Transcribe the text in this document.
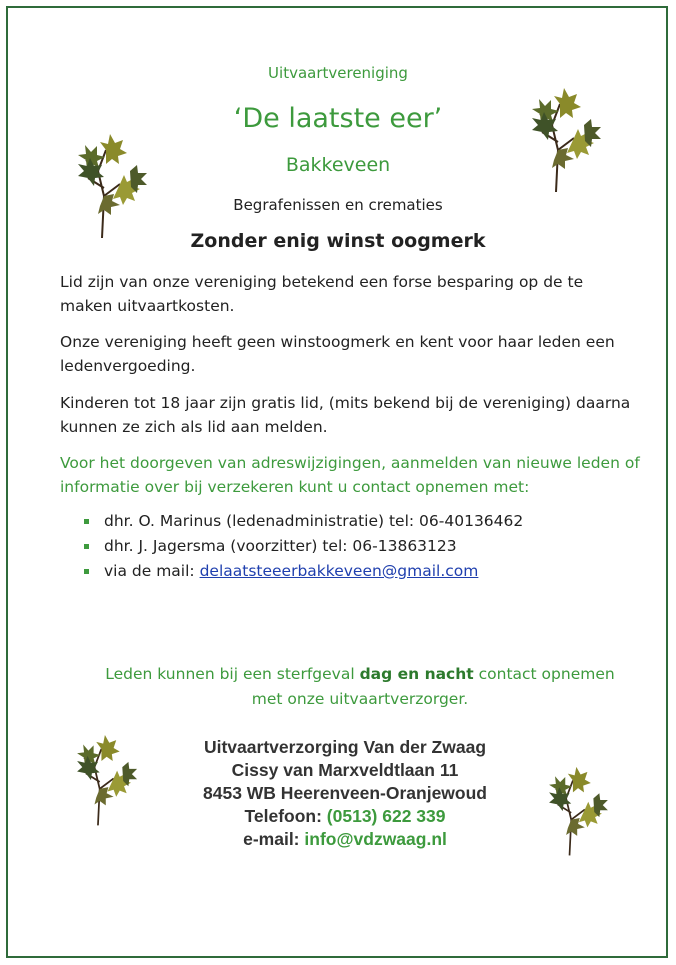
Uitvaartvereniging
‘De laatste eer’
Bakkeveen
Begrafenissen en crematies
Zonder enig winst oogmerk

Lid zijn van onze vereniging betekend een forse besparing op de te maken uitvaartkosten.

Onze vereniging heeft geen winstoogmerk en kent voor haar leden een ledenvergoeding.

Kinderen tot 18 jaar zijn gratis lid, (mits bekend bij de vereniging) daarna kunnen ze zich als lid aan melden.

Voor het doorgeven van adreswijzigingen, aanmelden van nieuwe leden of informatie over bij verzekeren kunt u contact opnemen met:

dhr. O. Marinus (ledenadministratie) tel: 06-40136462
dhr. J. Jagersma (voorzitter) tel: 06-13863123
via de mail: delaatsteeerbakkeveen@gmail.com
Leden kunnen bij een sterfgeval dag en nacht contact opnemen met onze uitvaartverzorger.
Uitvaartverzorging Van der Zwaag
Cissy van Marxveldtlaan 11
8453 WB Heerenveen-Oranjewoud
Telefoon: (0513) 622 339
e-mail: info@vdzwaag.nl
